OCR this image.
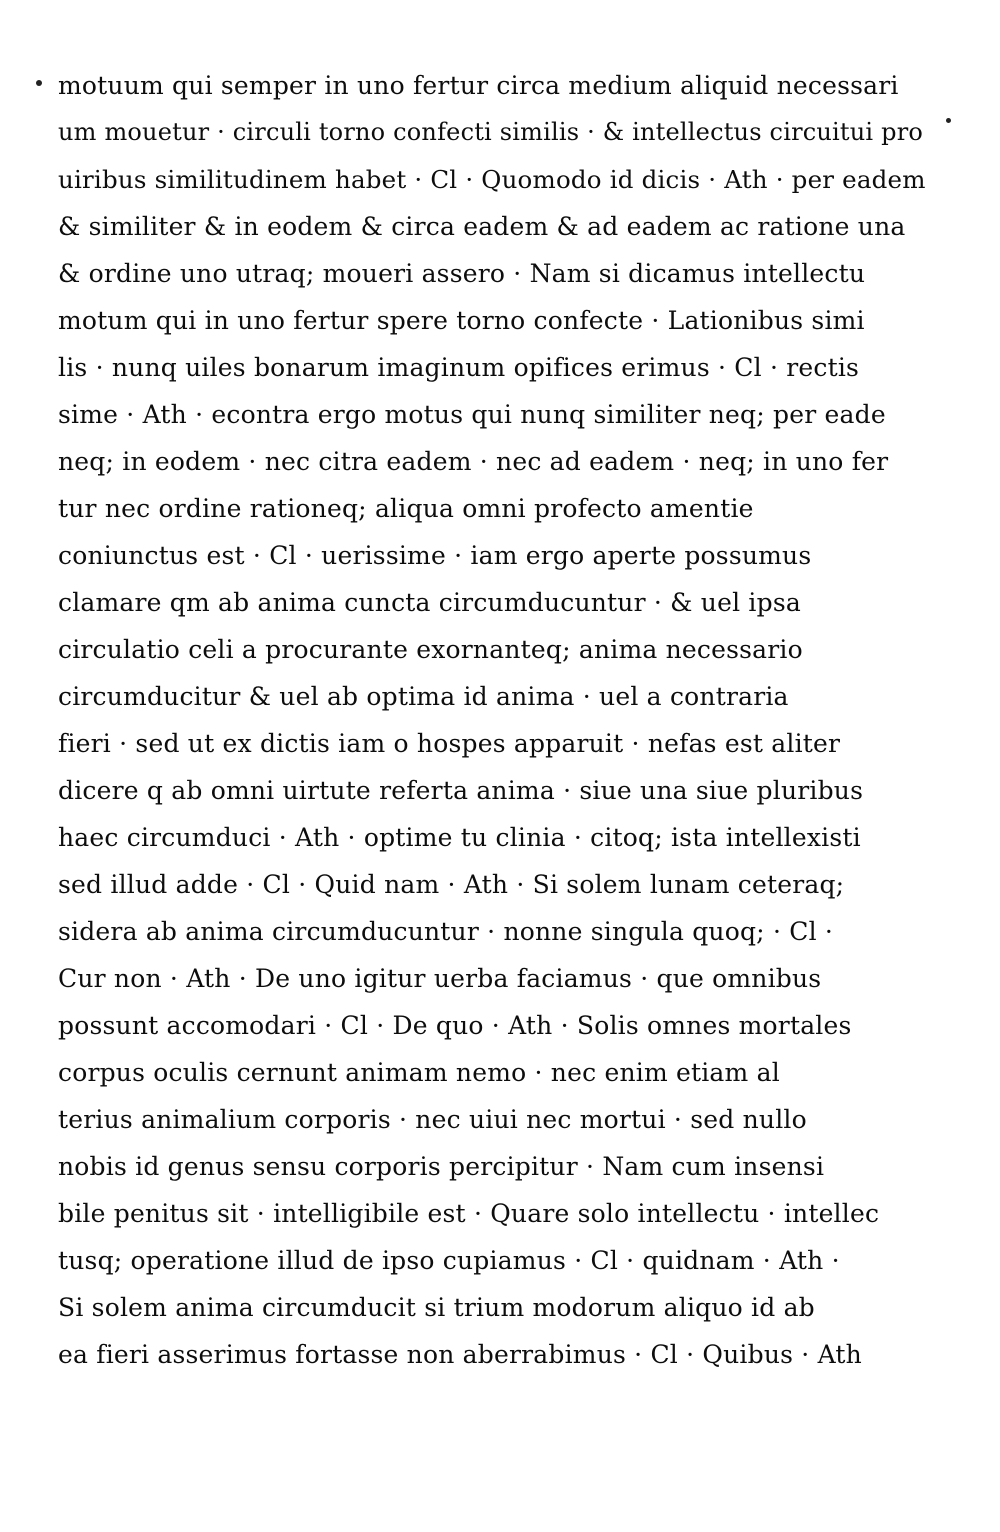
motuum qui semper in uno fertur circa medium aliquid necessari
um mouetur · circuli torno confecti similis · & intellectus circuitui pro
uiribus similitudinem habet · Cl · Quomodo id dicis · Ath · per eadem
& similiter & in eodem & circa eadem & ad eadem ac ratione una
& ordine uno utraq; moueri assero · Nam si dicamus intellectu
motum qui in uno fertur spere torno confecte · Lationibus simi
lis · nunq uiles bonarum imaginum opifices erimus · Cl · rectis
sime · Ath · econtra ergo motus qui nunq similiter neq; per eade
neq; in eodem · nec citra eadem · nec ad eadem · neq; in uno fer
tur nec ordine rationeq; aliqua omni profecto amentie
coniunctus est · Cl · uerissime · iam ergo aperte possumus
clamare qm ab anima cuncta circumducuntur · & uel ipsa
circulatio celi a procurante exornanteq; anima necessario
circumducitur & uel ab optima id anima · uel a contraria
fieri · sed ut ex dictis iam o hospes apparuit · nefas est aliter
dicere q ab omni uirtute referta anima · siue una siue pluribus
haec circumduci · Ath · optime tu clinia · citoq; ista intellexisti
sed illud adde · Cl · Quid nam · Ath · Si solem lunam ceteraq;
sidera ab anima circumducuntur · nonne singula quoq; · Cl ·
Cur non · Ath · De uno igitur uerba faciamus · que omnibus
possunt accomodari · Cl · De quo · Ath · Solis omnes mortales
corpus oculis cernunt animam nemo · nec enim etiam al
terius animalium corporis · nec uiui nec mortui · sed nullo
nobis id genus sensu corporis percipitur · Nam cum insensi
bile penitus sit · intelligibile est · Quare solo intellectu · intellec
tusq; operatione illud de ipso cupiamus · Cl · quidnam · Ath ·
Si solem anima circumducit si trium modorum aliquo id ab
ea fieri asserimus fortasse non aberrabimus · Cl · Quibus · Ath
